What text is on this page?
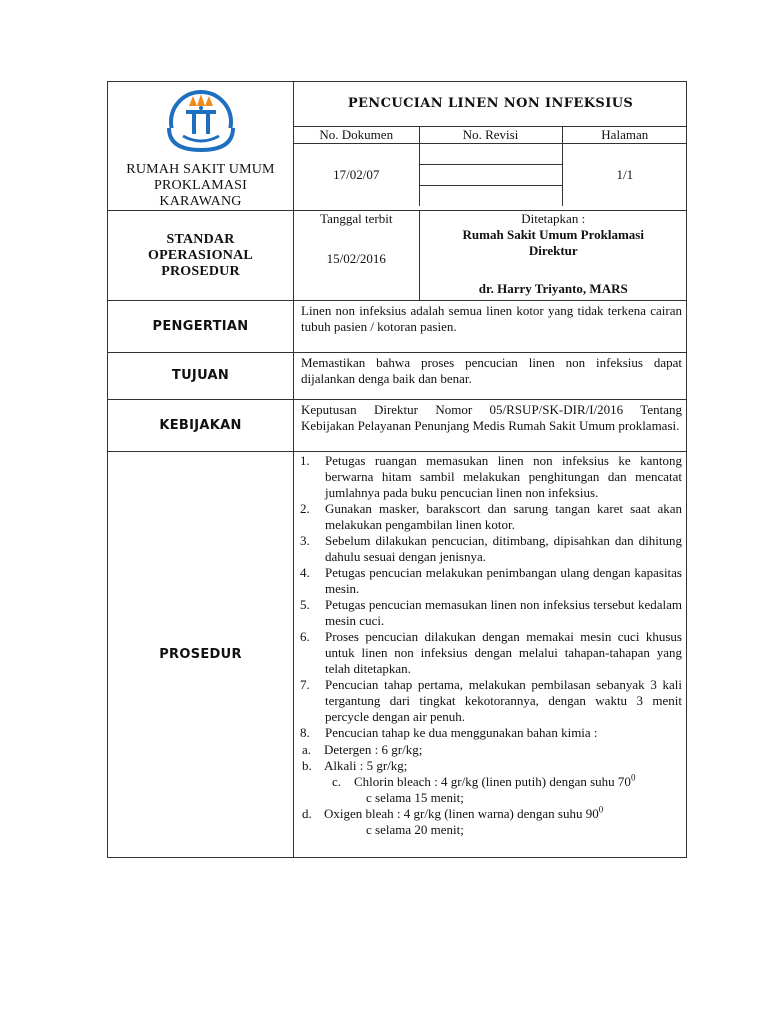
RUMAH SAKIT UMUM
PROKLAMASI
KARAWANG

PENCUCIAN LINEN NON INFEKSIUS
No. Dokumen	No. Revisi	Halaman
17/02/07		1/1

STANDAR
OPERASIONAL
PROSEDUR

Tanggal terbit
15/02/2016

Ditetapkan :
Rumah Sakit Umum Proklamasi
Direktur
dr. Harry Triyanto, MARS

PENGERTIAN	Linen non infeksius adalah semua linen kotor yang tidak terkena cairan tubuh pasien / kotoran pasien.
TUJUAN	Memastikan bahwa proses pencucian linen non infeksius dapat dijalankan denga baik dan benar.
KEBIJAKAN	Keputusan Direktur Nomor 05/RSUP/SK-DIR/I/2016 Tentang Kebijakan Pelayanan Penunjang Medis Rumah Sakit Umum proklamasi.
PROSEDUR	
1.	Petugas ruangan memasukan linen non infeksius ke kantong berwarna hitam sambil melakukan penghitungan dan mencatat jumlahnya pada buku pencucian linen non infeksius.
2.	Gunakan masker, barakscort dan sarung tangan karet saat akan melakukan pengambilan linen kotor.
3.	Sebelum dilakukan pencucian, ditimbang, dipisahkan dan dihitung dahulu sesuai dengan jenisnya.
4.	Petugas pencucian melakukan penimbangan ulang dengan kapasitas mesin.
5.	Petugas pencucian memasukan linen non infeksius tersebut kedalam mesin cuci.
6.	Proses pencucian dilakukan dengan memakai mesin cuci khusus untuk linen non infeksius dengan melalui tahapan-tahapan yang telah ditetapkan.
7.	Pencucian tahap pertama, melakukan pembilasan sebanyak 3 kali tergantung dari tingkat kekotorannya, dengan waktu 3 menit percycle dengan air penuh.
8.	Pencucian tahap ke dua menggunakan bahan kimia :
a. Detergen : 6 gr/kg;
b. Alkali : 5 gr/kg;
c. Chlorin bleach : 4 gr/kg (linen putih) dengan suhu $70^0$
c selama 15 menit;
d. Oxigen bleah : 4 gr/kg (linen warna) dengan suhu $90^0$
c selama 20 menit;
